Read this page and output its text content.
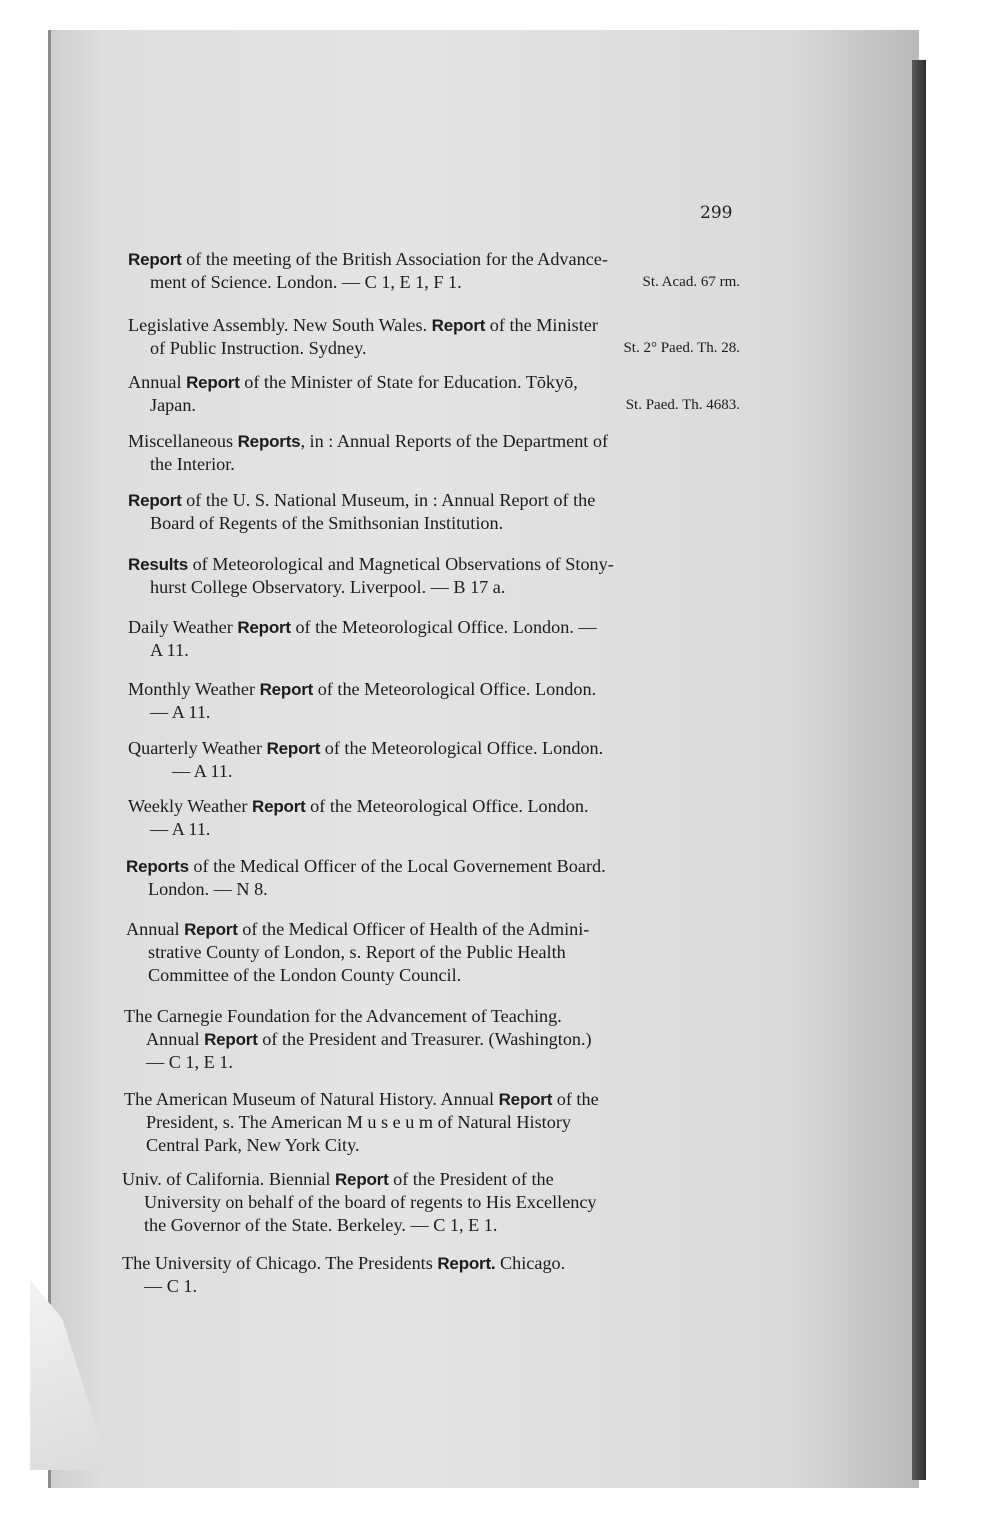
299
Report of the meeting of the British Association for the Advance-
ment of Science. London. — C 1, E 1, F 1.	St. Acad. 67 rm.
Legislative Assembly. New South Wales. Report of the Minister
of Public Instruction. Sydney.	St. 2° Paed. Th. 28.
Annual Report of the Minister of State for Education. Tōkyō,
Japan.	St. Paed. Th. 4683.
Miscellaneous Reports, in : Annual Reports of the Department of
the Interior.
Report of the U. S. National Museum, in : Annual Report of the
Board of Regents of the Smithsonian Institution.
Results of Meteorological and Magnetical Observations of Stony-
hurst College Observatory. Liverpool. — B 17 a.
Daily Weather Report of the Meteorological Office. London. —
A 11.
Monthly Weather Report of the Meteorological Office. London.
— A 11.
Quarterly Weather Report of the Meteorological Office. London.
— A 11.
Weekly Weather Report of the Meteorological Office. London.
— A 11.
Reports of the Medical Officer of the Local Governement Board.
London. — N 8.
Annual Report of the Medical Officer of Health of the Admini-
strative County of London, s. Report of the Public Health
Committee of the London County Council.
The Carnegie Foundation for the Advancement of Teaching.
Annual Report of the President and Treasurer. (Washington.)
— C 1, E 1.
The American Museum of Natural History. Annual Report of the
President, s. The American M u s e u m of Natural History
Central Park, New York City.
Univ. of California. Biennial Report of the President of the
University on behalf of the board of regents to His Excellency
the Governor of the State. Berkeley. — C 1, E 1.
The University of Chicago. The Presidents Report. Chicago.
— C 1.
